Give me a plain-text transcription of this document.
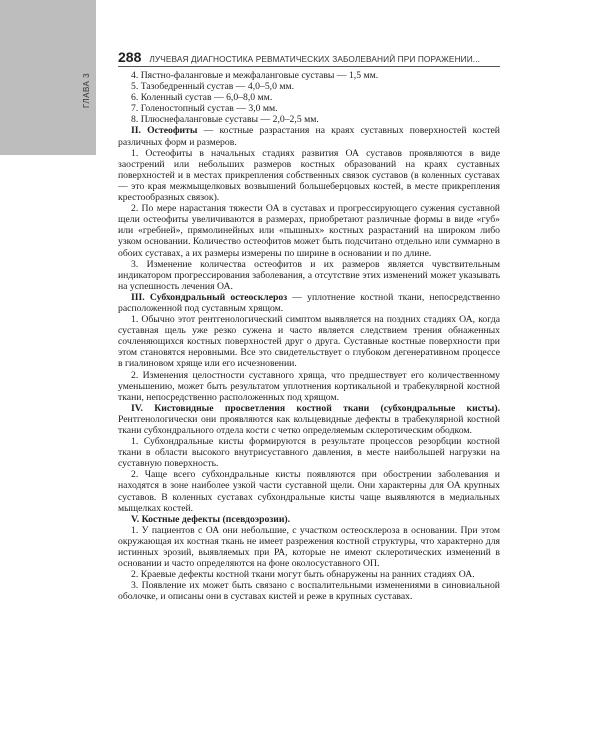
ГЛАВА 3
288 ЛУЧЕВАЯ ДИАГНОСТИКА РЕВМАТИЧЕСКИХ ЗАБОЛЕВАНИЙ ПРИ ПОРАЖЕНИИ...

4. Пястно-фаланговые и межфаланговые суставы — 1,5 мм.

5. Тазобедренный сустав — 4,0–5,0 мм.

6. Коленный сустав — 6,0–8,0 мм.

7. Голеностопный сустав — 3,0 мм.

8. Плюснефаланговые суставы — 2,0–2,5 мм.

II. Остеофиты — костные разрастания на краях суставных поверхностей костей различных форм и размеров.

1. Остеофиты в начальных стадиях развития ОА суставов проявляются в виде заострений или небольших размеров костных образований на краях суставных поверхностей и в местах прикрепления собственных связок суставов (в коленных суставах — это края межмыщелковых возвышений большеберцовых костей, в месте прикрепления крестообразных связок).

2. По мере нарастания тяжести ОА в суставах и прогрессирующего сужения суставной щели остеофиты увеличиваются в размерах, приобретают различные формы в виде «губ» или «гребней», прямолинейных или «пышных» костных разрастаний на широком либо узком основании. Количество остеофитов может быть подсчитано отдельно или суммарно в обоих суставах, а их размеры измерены по ширине в основании и по длине.

3. Изменение количества остеофитов и их размеров является чувствительным индикатором прогрессирования заболевания, а отсутствие этих изменений может указывать на успешность лечения ОА.

III. Субхондральный остеосклероз — уплотнение костной ткани, непосредственно расположенной под суставным хрящом.

1. Обычно этот рентгенологический симптом выявляется на поздних стадиях ОА, когда суставная щель уже резко сужена и часто является следствием трения обнаженных сочленяющихся костных поверхностей друг о друга. Суставные костные поверхности при этом становятся неровными. Все это свидетельствует о глубоком дегенеративном процессе в гиалиновом хряще или его исчезновении.

2. Изменения целостности суставного хряща, что предшествует его количественному уменьшению, может быть результатом уплотнения кортикальной и трабекулярной костной ткани, непосредственно расположенных под хрящом.

IV. Кистовидные просветления костной ткани (субхондральные кисты). Рентгенологически они проявляются как кольцевидные дефекты в трабекулярной костной ткани субхондрального отдела кости с четко определяемым склеротическим ободком.

1. Субхондральные кисты формируются в результате процессов резорбции костной ткани в области высокого внутрисуставного давления, в месте наибольшей нагрузки на суставную поверхность.

2. Чаще всего субхондральные кисты появляются при обострении заболевания и находятся в зоне наиболее узкой части суставной щели. Они характерны для ОА крупных суставов. В коленных суставах субхондральные кисты чаще выявляются в медиальных мыщелках костей.

V. Костные дефекты (псевдоэрозии).

1. У пациентов с ОА они небольшие, с участком остеосклероза в основании. При этом окружающая их костная ткань не имеет разрежения костной структуры, что характерно для истинных эрозий, выявляемых при РА, которые не имеют склеротических изменений в основании и часто определяются на фоне околосуставного ОП.

2. Краевые дефекты костной ткани могут быть обнаружены на ранних стадиях ОА.

3. Появление их может быть связано с воспалительными изменениями в синовиальной оболочке, и описаны они в суставах кистей и реже в крупных суставах.
